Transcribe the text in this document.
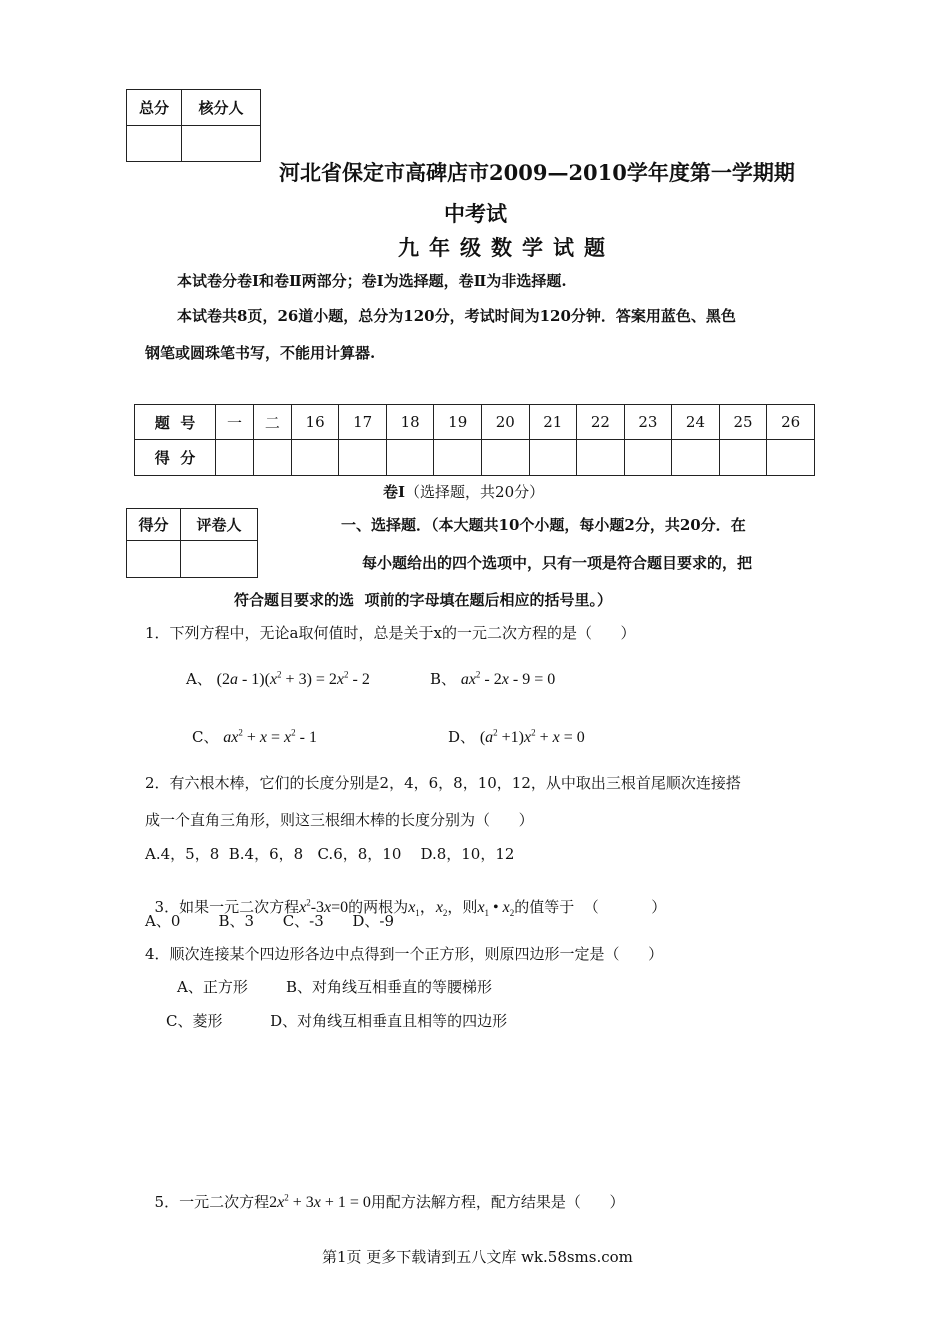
总分	核分人

河北省保定市高碑店市2009—2010学年度第一学期期
中考试
九年级数学试题
本试卷分卷Ⅰ和卷Ⅱ两部分；卷Ⅰ为选择题，卷Ⅱ为非选择题.
本试卷共8页，26道小题，总分为120分，考试时间为120分钟．答案用蓝色、黑色
钢笔或圆珠笔书写，不能用计算器.
题  号	一	二	16	17	18	19	20	21	22	23	24	25	26
得  分													
卷Ⅰ（选择题，共20分）
得分	评卷人
		一、选择题．（本大题共10个小题，每小题2分，共20分．在
每小题给出的四个选项中，只有一项是符合题目要求的，把
符合题目要求的选  项前的字母填在题后相应的括号里。）
1．下列方程中，无论a取何值时，总是关于x的一元二次方程的是（      ）
A、 $(2a - 1)(x^2 + 3) = 2x^2 - 2$	B、 $ax^2 - 2x - 9 = 0$
C、 $ax^2 + x = x^2 - 1$	D、 $(a^2 +1)x^2 + x = 0$
2．有六根木棒，它们的长度分别是2，4，6，8，10，12，从中取出三根首尾顺次连接搭
成一个直角三角形，则这三根细木棒的长度分别为（      ）
A.4，5，8  B.4，6，8   C.6，8，10    D.8，10，12

3．如果一元二次方程$x^2-3x=0$的两根为$x_1$，$x_2$，则$x_1$ • $x_2$的值等于  （           ）

A、0        B、3      C、-3      D、-9
4．顺次连接某个四边形各边中点得到一个正方形，则原四边形一定是（      ）
A、正方形        B、对角线互相垂直的等腰梯形
C、菱形          D、对角线互相垂直且相等的四边形

5．一元二次方程$2x^2 + 3x + 1 = 0$用配方法解方程，配方结果是（      ）

第1页 更多下载请到五八文库 wk.58sms.com
